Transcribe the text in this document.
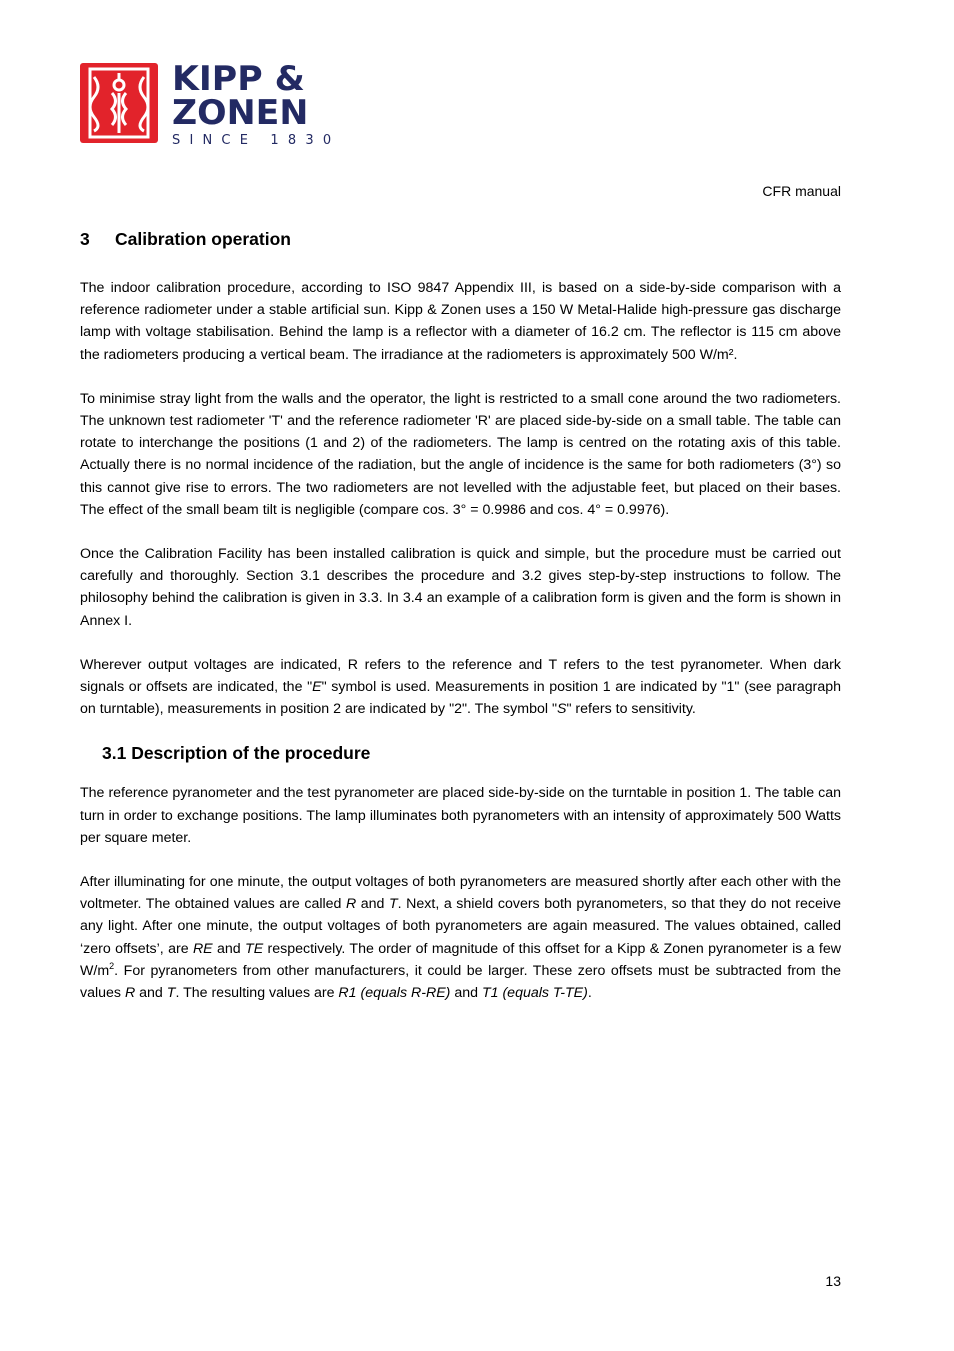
KIPP &
ZONEN
SINCE 1830
CFR manual
3 Calibration operation

The indoor calibration procedure, according to ISO 9847 Appendix III, is based on a side-by-side comparison with a reference radiometer under a stable artificial sun. Kipp & Zonen uses a 150 W Metal-Halide high-pressure gas discharge lamp with voltage stabilisation. Behind the lamp is a reflector with a diameter of 16.2 cm. The reflector is 115 cm above the radiometers producing a vertical beam. The irradiance at the radiometers is approximately 500 W/m².

To minimise stray light from the walls and the operator, the light is restricted to a small cone around the two radiometers. The unknown test radiometer 'T' and the reference radiometer 'R' are placed side-by-side on a small table. The table can rotate to interchange the positions (1 and 2) of the radiometers. The lamp is centred on the rotating axis of this table. Actually there is no normal incidence of the radiation, but the angle of incidence is the same for both radiometers (3°) so this cannot give rise to errors. The two radiometers are not levelled with the adjustable feet, but placed on their bases. The effect of the small beam tilt is negligible (compare cos. 3° = 0.9986 and cos. 4° = 0.9976).

Once the Calibration Facility has been installed calibration is quick and simple, but the procedure must be carried out carefully and thoroughly. Section 3.1 describes the procedure and 3.2 gives step-by-step instructions to follow. The philosophy behind the calibration is given in 3.3. In 3.4 an example of a calibration form is given and the form is shown in Annex I.

Wherever output voltages are indicated, R refers to the reference and T refers to the test pyranometer. When dark signals or offsets are indicated, the "E" symbol is used. Measurements in position 1 are indicated by "1" (see paragraph on turntable), measurements in position 2 are indicated by "2". The symbol "S" refers to sensitivity.

3.1 Description of the procedure

The reference pyranometer and the test pyranometer are placed side-by-side on the turntable in position 1. The table can turn in order to exchange positions. The lamp illuminates both pyranometers with an intensity of approximately 500 Watts per square meter.

After illuminating for one minute, the output voltages of both pyranometers are measured shortly after each other with the voltmeter. The obtained values are called R and T. Next, a shield covers both pyranometers, so that they do not receive any light. After one minute, the output voltages of both pyranometers are again measured. The values obtained, called ‘zero offsets’, are RE and TE respectively. The order of magnitude of this offset for a Kipp & Zonen pyranometer is a few $W/m^2$. For pyranometers from other manufacturers, it could be larger. These zero offsets must be subtracted from the values R and T. The resulting values are R1 (equals R-RE) and T1 (equals T-TE).

13
